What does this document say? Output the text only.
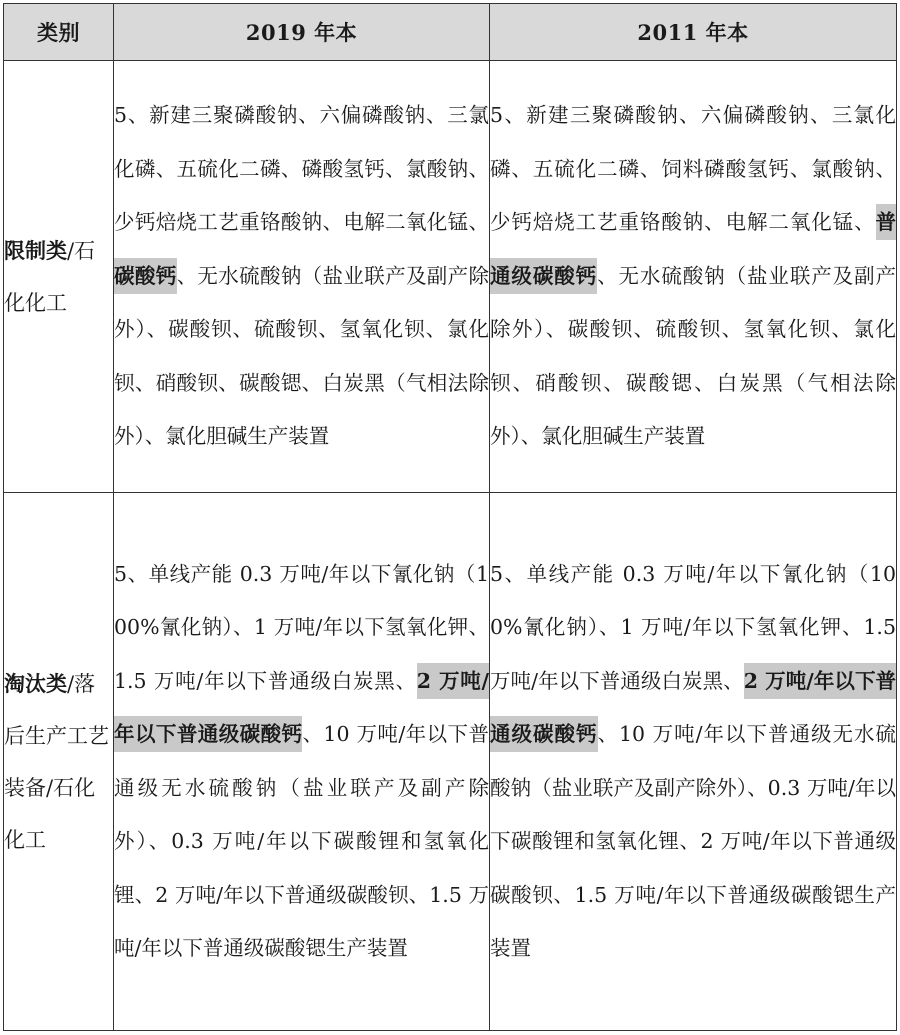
类别	2019 年本	2011 年本
限制类/石化化工	5、新建三聚磷酸钠、六偏磷酸钠、三氯化磷、五硫化二磷、磷酸氢钙、氯酸钠、少钙焙烧工艺重铬酸钠、电解二氧化锰、碳酸钙、无水硫酸钠（盐业联产及副产除外）、碳酸钡、硫酸钡、氢氧化钡、氯化钡、硝酸钡、碳酸锶、白炭黑（气相法除外）、氯化胆碱生产装置	5、新建三聚磷酸钠、六偏磷酸钠、三氯化磷、五硫化二磷、饲料磷酸氢钙、氯酸钠、少钙焙烧工艺重铬酸钠、电解二氧化锰、普通级碳酸钙、无水硫酸钠（盐业联产及副产除外）、碳酸钡、硫酸钡、氢氧化钡、氯化钡、硝酸钡、碳酸锶、白炭黑（气相法除外）、氯化胆碱生产装置
淘汰类/落后生产工艺装备/石化化工	5、单线产能 0.3 万吨/年以下氰化钠（100%氰化钠）、1 万吨/年以下氢氧化钾、1.5 万吨/年以下普通级白炭黑、2 万吨/年以下普通级碳酸钙、10 万吨/年以下普通级无水硫酸钠（盐业联产及副产除外）、0.3 万吨/年以下碳酸锂和氢氧化锂、2 万吨/年以下普通级碳酸钡、1.5 万吨/年以下普通级碳酸锶生产装置	5、单线产能 0.3 万吨/年以下氰化钠（100%氰化钠）、1 万吨/年以下氢氧化钾、1.5 万吨/年以下普通级白炭黑、2 万吨/年以下普通级碳酸钙、10 万吨/年以下普通级无水硫酸钠（盐业联产及副产除外）、0.3 万吨/年以下碳酸锂和氢氧化锂、2 万吨/年以下普通级碳酸钡、1.5 万吨/年以下普通级碳酸锶生产装置
